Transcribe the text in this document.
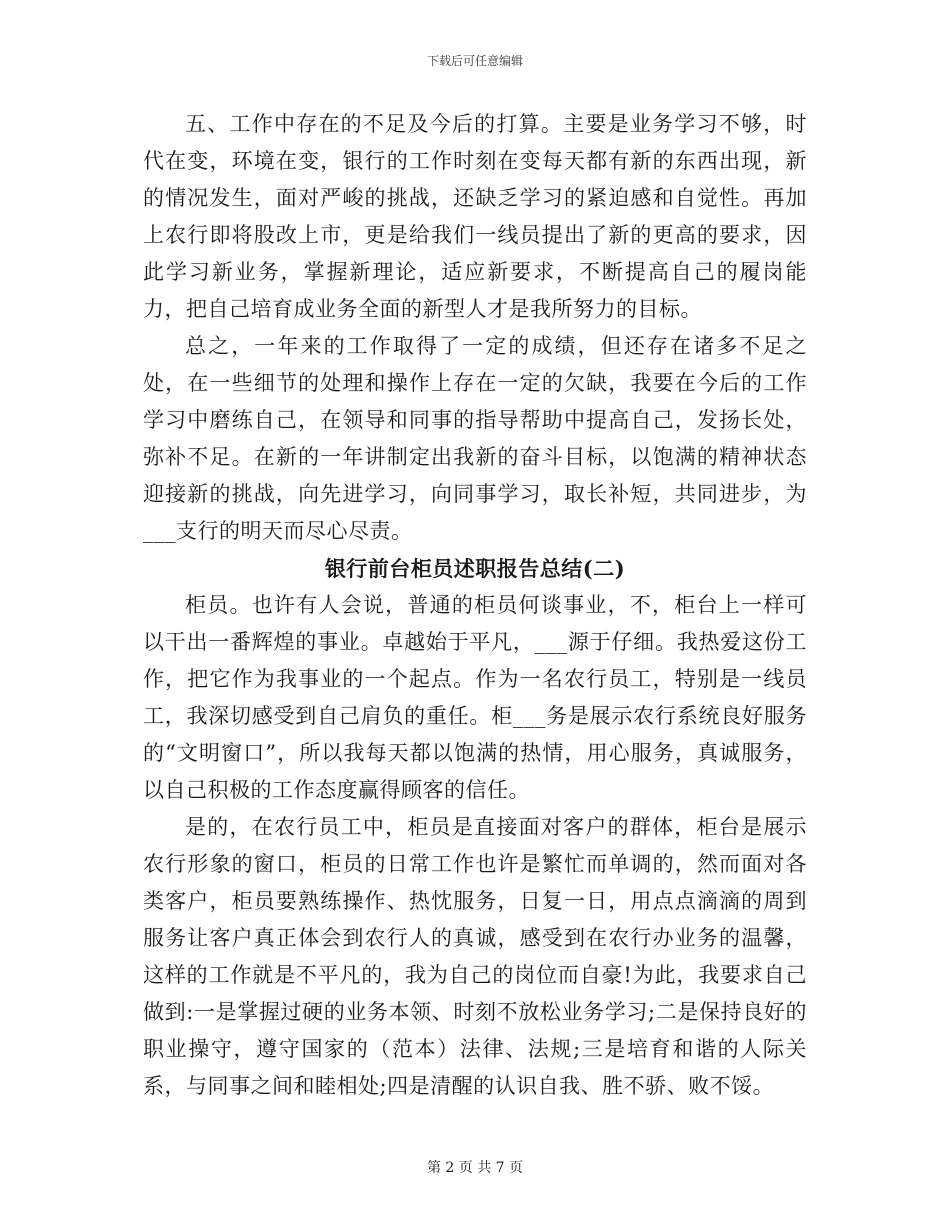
下载后可任意编辑

五、工作中存在的不足及今后的打算。主要是业务学习不够，时代在变，环境在变，银行的工作时刻在变每天都有新的东西出现，新的情况发生，面对严峻的挑战，还缺乏学习的紧迫感和自觉性。再加上农行即将股改上市，更是给我们一线员提出了新的更高的要求，因此学习新业务，掌握新理论，适应新要求，不断提高自己的履岗能力，把自己培育成业务全面的新型人才是我所努力的目标。

总之，一年来的工作取得了一定的成绩，但还存在诸多不足之处，在一些细节的处理和操作上存在一定的欠缺，我要在今后的工作学习中磨练自己，在领导和同事的指导帮助中提高自己，发扬长处，弥补不足。在新的一年讲制定出我新的奋斗目标，以饱满的精神状态迎接新的挑战，向先进学习，向同事学习，取长补短，共同进步，为___支行的明天而尽心尽责。

银行前台柜员述职报告总结(二)

柜员。也许有人会说，普通的柜员何谈事业，不，柜台上一样可以干出一番辉煌的事业。卓越始于平凡，___源于仔细。我热爱这份工作，把它作为我事业的一个起点。作为一名农行员工，特别是一线员工，我深切感受到自己肩负的重任。柜___务是展示农行系统良好服务的“文明窗口”，所以我每天都以饱满的热情，用心服务，真诚服务，以自己积极的工作态度赢得顾客的信任。

是的，在农行员工中，柜员是直接面对客户的群体，柜台是展示农行形象的窗口，柜员的日常工作也许是繁忙而单调的，然而面对各类客户，柜员要熟练操作、热忱服务，日复一日，用点点滴滴的周到服务让客户真正体会到农行人的真诚，感受到在农行办业务的温馨，这样的工作就是不平凡的，我为自己的岗位而自豪!为此，我要求自己做到:一是掌握过硬的业务本领、时刻不放松业务学习;二是保持良好的职业操守，遵守国家的（范本）法律、法规;三是培育和谐的人际关系，与同事之间和睦相处;四是清醒的认识自我、胜不骄、败不馁。

第 2 页 共 7 页
